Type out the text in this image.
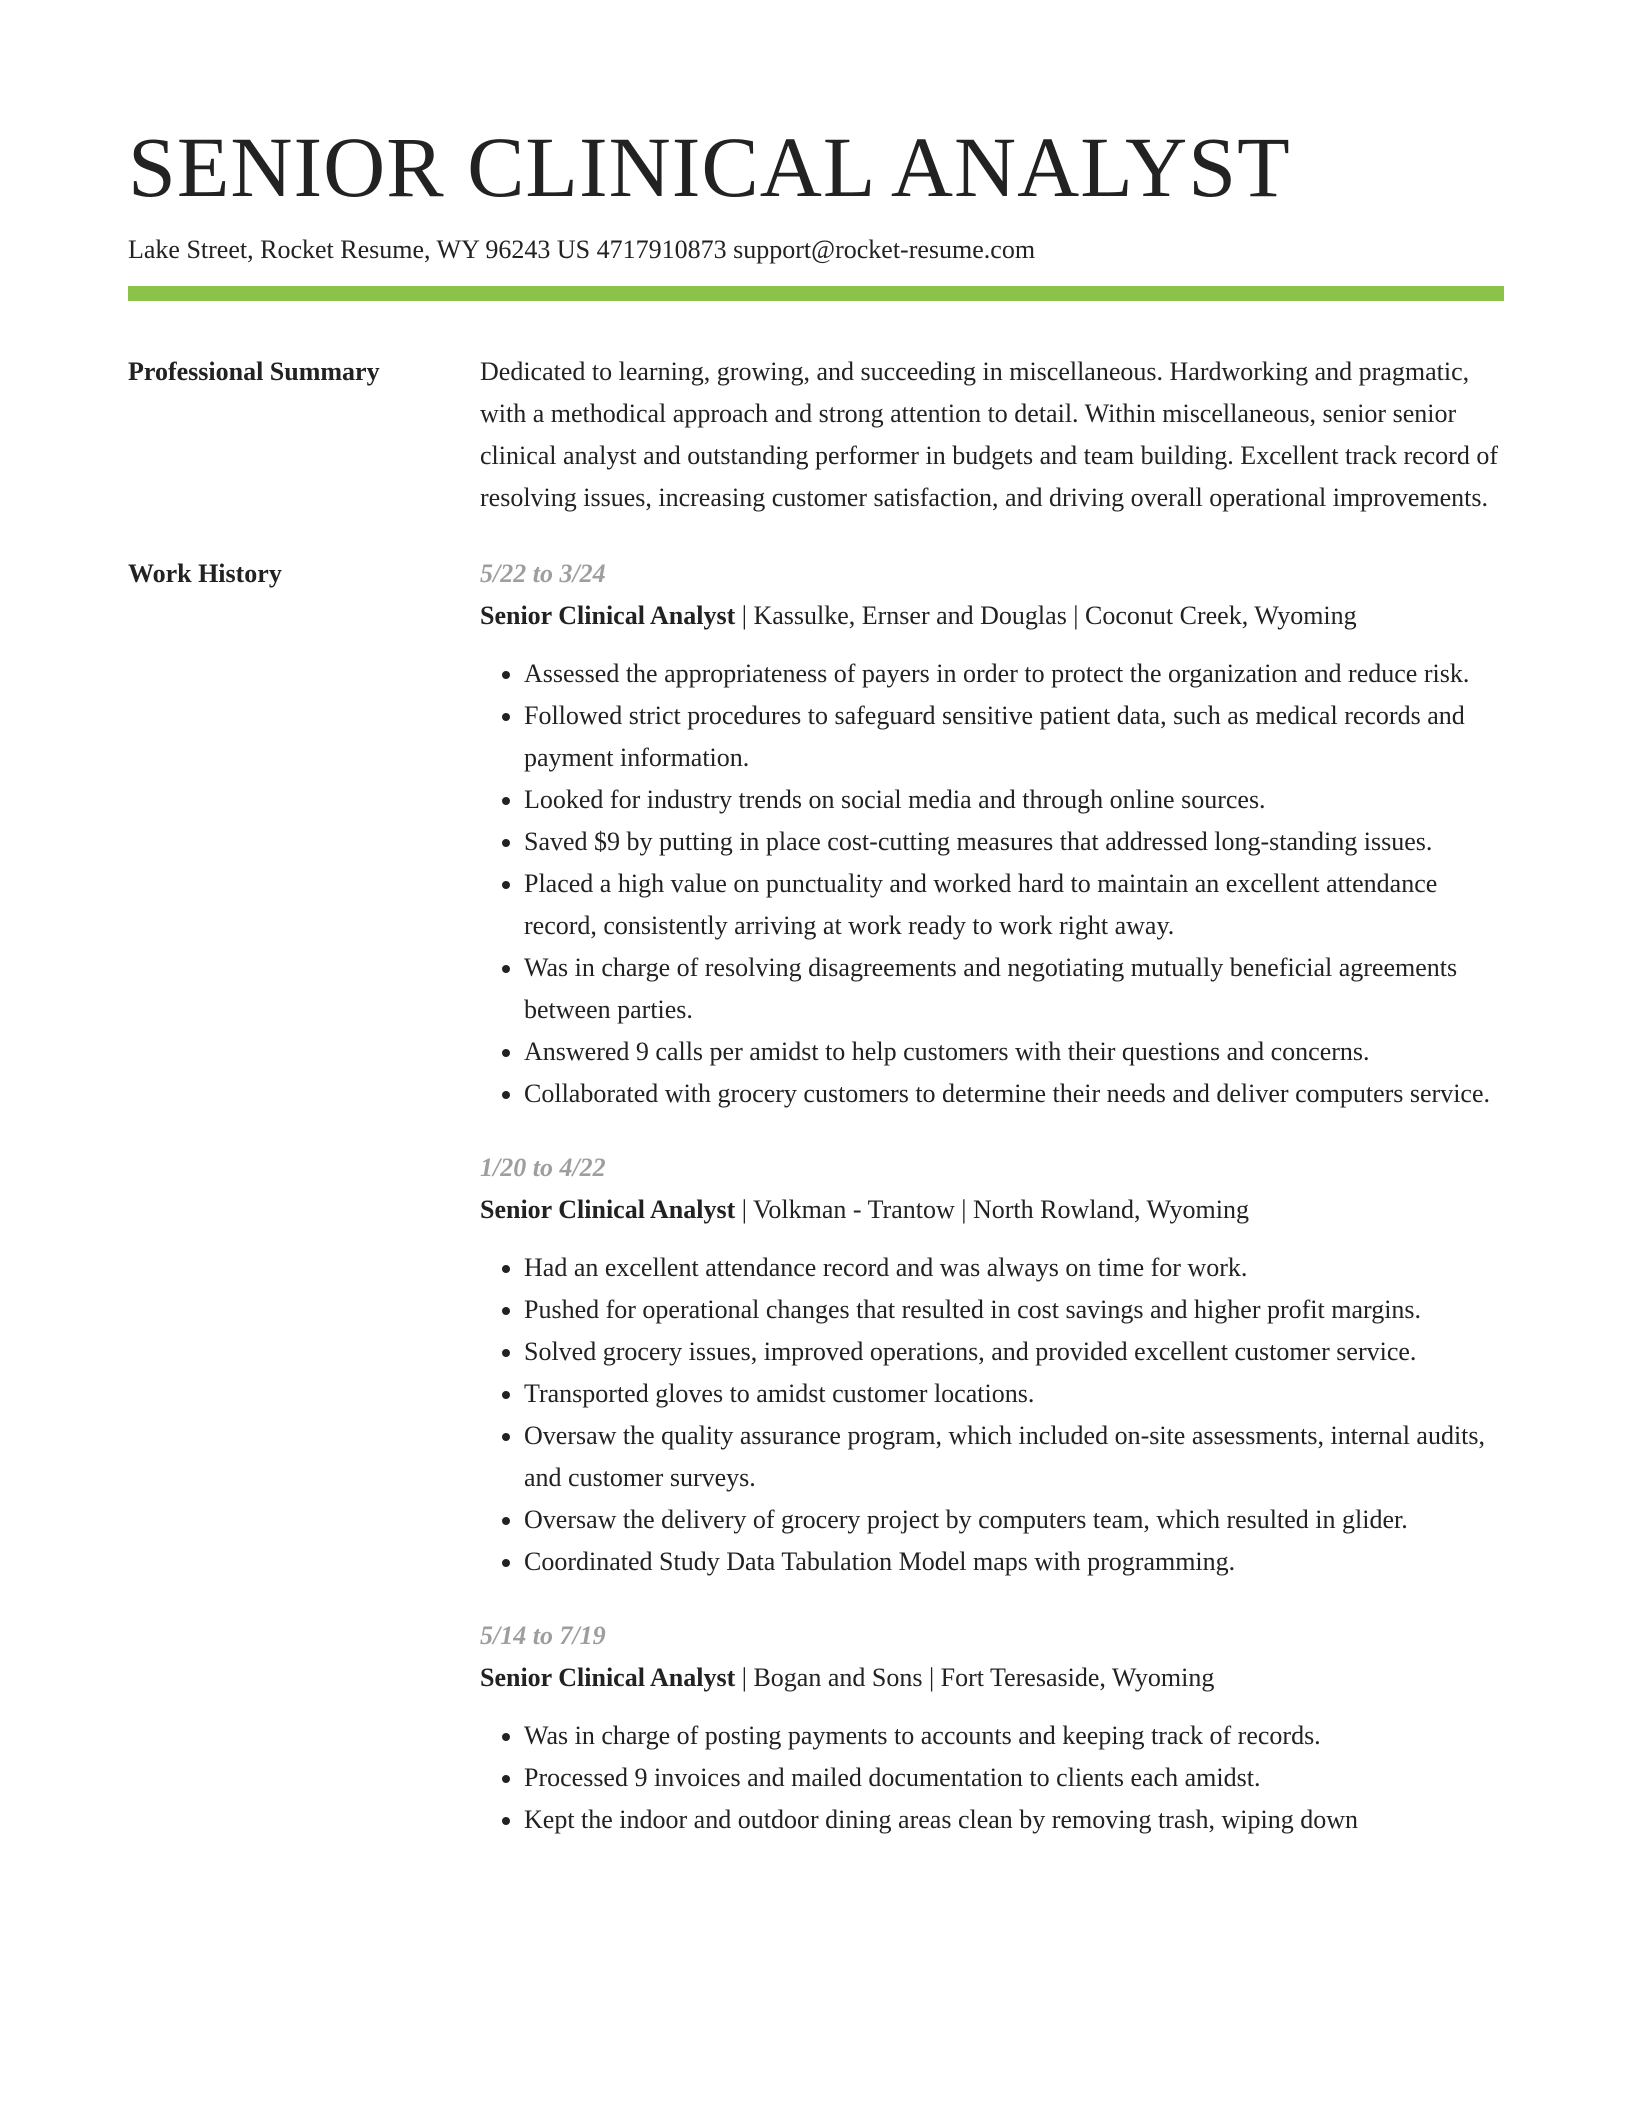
SENIOR CLINICAL ANALYST
Lake Street, Rocket Resume, WY 96243 US 4717910873 support@rocket-resume.com
Professional Summary	Dedicated to learning, growing, and succeeding in miscellaneous. Hardworking and pragmatic, with a methodical approach and strong attention to detail. Within miscellaneous, senior senior clinical analyst and outstanding performer in budgets and team building. Excellent track record of resolving issues, increasing customer satisfaction, and driving overall operational improvements.
Work History	5/22 to 3/24
Senior Clinical Analyst | Kassulke, Ernser and Douglas | Coconut Creek, Wyoming
• Assessed the appropriateness of payers in order to protect the organization and reduce risk.
• Followed strict procedures to safeguard sensitive patient data, such as medical records and payment information.
• Looked for industry trends on social media and through online sources.
• Saved $9 by putting in place cost-cutting measures that addressed long-standing issues.
• Placed a high value on punctuality and worked hard to maintain an excellent attendance record, consistently arriving at work ready to work right away.
• Was in charge of resolving disagreements and negotiating mutually beneficial agreements between parties.
• Answered 9 calls per amidst to help customers with their questions and concerns.
• Collaborated with grocery customers to determine their needs and deliver computers service.
1/20 to 4/22
Senior Clinical Analyst | Volkman - Trantow | North Rowland, Wyoming
• Had an excellent attendance record and was always on time for work.
• Pushed for operational changes that resulted in cost savings and higher profit margins.
• Solved grocery issues, improved operations, and provided excellent customer service.
• Transported gloves to amidst customer locations.
• Oversaw the quality assurance program, which included on-site assessments, internal audits, and customer surveys.
• Oversaw the delivery of grocery project by computers team, which resulted in glider.
• Coordinated Study Data Tabulation Model maps with programming.
5/14 to 7/19
Senior Clinical Analyst | Bogan and Sons | Fort Teresaside, Wyoming
• Was in charge of posting payments to accounts and keeping track of records.
• Processed 9 invoices and mailed documentation to clients each amidst.
• Kept the indoor and outdoor dining areas clean by removing trash, wiping down
